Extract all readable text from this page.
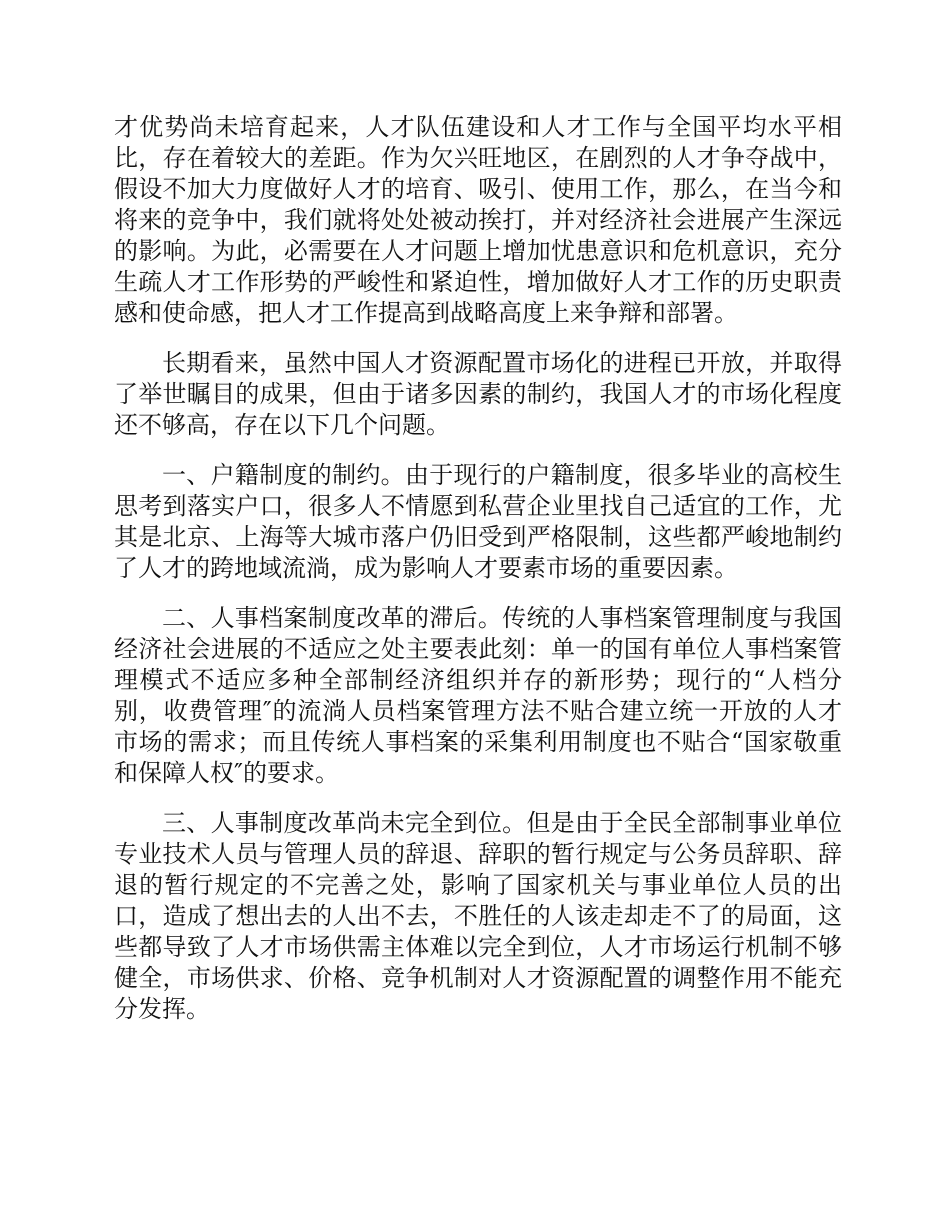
才优势尚未培育起来，人才队伍建设和人才工作与全国平均水平相比，存在着较大的差距。作为欠兴旺地区，在剧烈的人才争夺战中，假设不加大力度做好人才的培育、吸引、使用工作，那么，在当今和将来的竞争中，我们就将处处被动挨打，并对经济社会进展产生深远的影响。为此，必需要在人才问题上增加忧患意识和危机意识，充分生疏人才工作形势的严峻性和紧迫性，增加做好人才工作的历史职责感和使命感，把人才工作提高到战略高度上来争辩和部署。

长期看来，虽然中国人才资源配置市场化的进程已开放，并取得了举世瞩目的成果，但由于诸多因素的制约，我国人才的市场化程度还不够高，存在以下几个问题。

一、户籍制度的制约。由于现行的户籍制度，很多毕业的高校生思考到落实户口，很多人不情愿到私营企业里找自己适宜的工作，尤其是北京、上海等大城市落户仍旧受到严格限制，这些都严峻地制约了人才的跨地域流淌，成为影响人才要素市场的重要因素。

二、人事档案制度改革的滞后。传统的人事档案管理制度与我国经济社会进展的不适应之处主要表此刻：单一的国有单位人事档案管理模式不适应多种全部制经济组织并存的新形势；现行的“人档分别，收费管理″的流淌人员档案管理方法不贴合建立统一开放的人才市场的需求；而且传统人事档案的采集利用制度也不贴合“国家敬重和保障人权″的要求。

三、人事制度改革尚未完全到位。但是由于全民全部制事业单位专业技术人员与管理人员的辞退、辞职的暂行规定与公务员辞职、辞退的暂行规定的不完善之处，影响了国家机关与事业单位人员的出口，造成了想出去的人出不去，不胜任的人该走却走不了的局面，这些都导致了人才市场供需主体难以完全到位，人才市场运行机制不够健全，市场供求、价格、竞争机制对人才资源配置的调整作用不能充分发挥。
